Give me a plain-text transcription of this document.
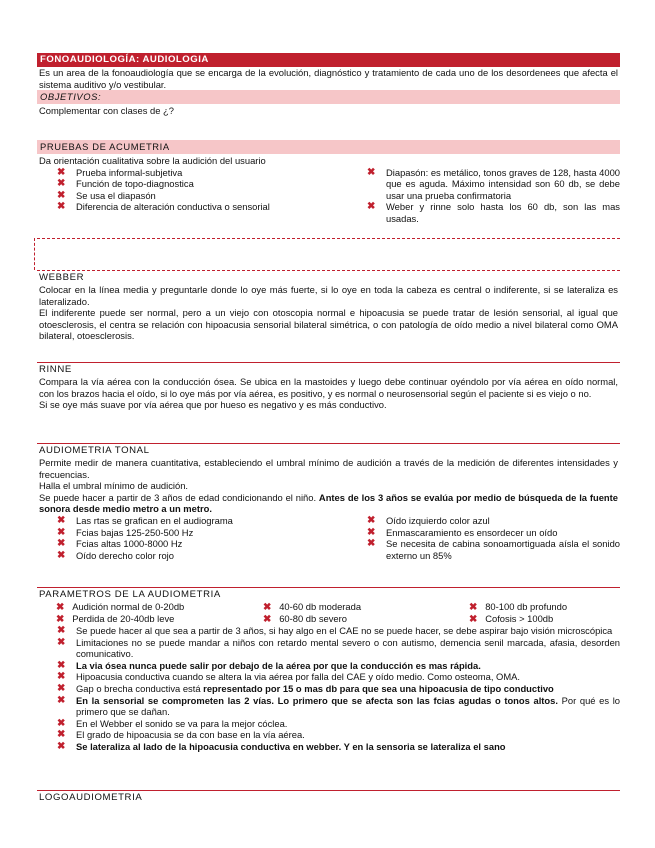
FONOAUDIOLOGÍA: AUDIOLOGIA

Es un area de la fonoaudiología que se encarga de la evolución, diagnóstico y tratamiento de cada uno de los desordenees que afecta el sistema auditivo y/o vestibular.

OBJETIVOS:

Complementar con clases de ¿?

PRUEBAS DE ACUMETRIA

Da orientación cualitativa sobre la audición del usuario

✖ Prueba informal-subjetiva
✖ Función de topo-diagnostica
✖ Se usa el diapasón
✖ Diferencia de alteración conductiva o sensorial
✖ Diapasón: es metálico, tonos graves de 128, hasta 4000 que es aguda. Máximo intensidad son 60 db, se debe usar una prueba confirmatoria
✖ Weber y rinne solo hasta los 60 db, son las mas usadas.
WEBBER

Colocar en la línea media y preguntarle donde lo oye más fuerte, si lo oye en toda la cabeza es central o indiferente, si se lateraliza es lateralizado.

El indiferente puede ser normal, pero a un viejo con otoscopia normal e hipoacusia se puede tratar de lesión sensorial, al igual que otoesclerosis, el centra se relación con hipoacusia sensorial bilateral simétrica, o con patología de oído medio a nivel bilateral como OMA bilateral, otoesclerosis.

RINNE

Compara la vía aérea con la conducción ósea. Se ubica en la mastoides y luego debe continuar oyéndolo por vía aérea en oído normal, con los brazos hacia el oído, si lo oye más por vía aérea, es positivo, y es normal o neurosensorial según el paciente si es viejo o no.

Si se oye más suave por vía aérea que por hueso es negativo y es más conductivo.

AUDIOMETRIA TONAL

Permite medir de manera cuantitativa, estableciendo el umbral mínimo de audición a través de la medición de diferentes intensidades y frecuencias.

Halla el umbral mínimo de audición.

Se puede hacer a partir de 3 años de edad condicionando el niño. Antes de los 3 años se evalúa por medio de búsqueda de la fuente sonora desde medio metro a un metro.

✖ Las rtas se grafican en el audiograma
✖ Fcias bajas 125-250-500 Hz
✖ Fcias altas 1000-8000 Hz
✖ Oído derecho color rojo
✖ Oído izquierdo color azul
✖ Enmascaramiento es ensordecer un oído
✖ Se necesita de cabina sonoamortiguada aísla el sonido externo un 85%
PARAMETROS DE LA AUDIOMETRIA
✖ Audición normal de 0-20db	✖ 40-60 db moderada	✖ 80-100 db profundo
✖ Perdida de 20-40db leve	✖ 60-80 db severo	✖ Cofosis > 100db
✖ Se puede hacer al que sea a partir de 3 años, si hay algo en el CAE no se puede hacer, se debe aspirar bajo visión microscópica
✖ Limitaciones no se puede mandar a niños con retardo mental severo o con autismo, demencia senil marcada, afasia, desorden comunicativo.
✖ La via ósea nunca puede salir por debajo de la aérea por que la conducción es mas rápida.
✖ Hipoacusia conductiva cuando se altera la via aérea por falla del CAE y oído medio. Como osteoma, OMA.
✖ Gap o brecha conductiva está representado por 15 o mas db para que sea una hipoacusia de tipo conductivo
✖ En la sensorial se comprometen las 2 vías. Lo primero que se afecta son las fcias agudas o tonos altos. Por qué es lo primero que se dañan.
✖ En el Webber el sonido se va para la mejor cóclea.
✖ El grado de hipoacusia se da con base en la vía aérea.
✖ Se lateraliza al lado de la hipoacusia conductiva en webber. Y en la sensoria se lateraliza el sano
LOGOAUDIOMETRIA
